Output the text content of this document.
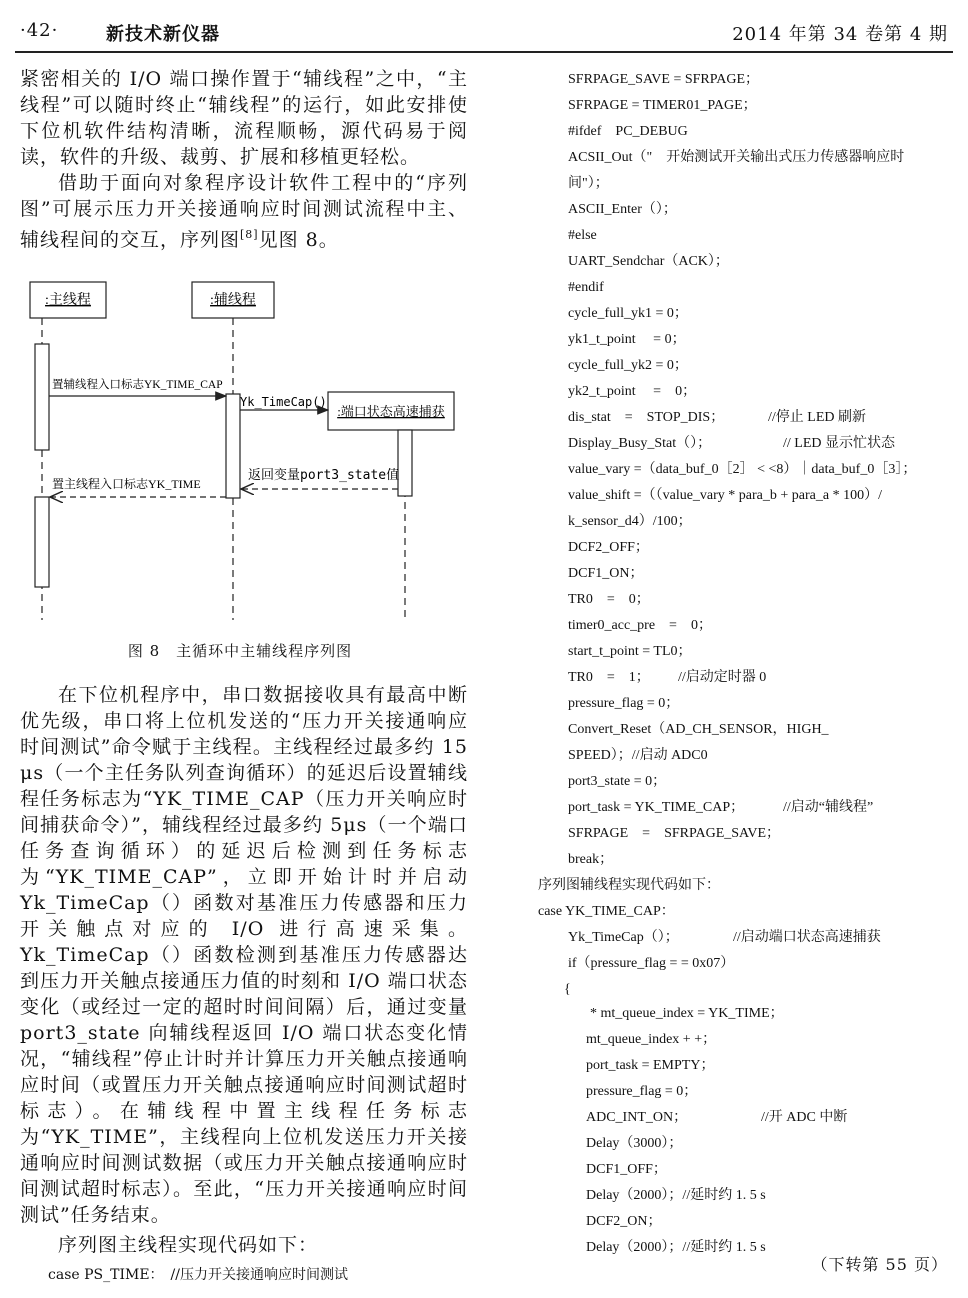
·42·	新技术新仪器	2014 年第 34 卷第 4 期

紧密相关的 I/O 端口操作置于“辅线程”之中，“主线程”可以随时终止“辅线程”的运行，如此安排使下位机软件结构清晰，流程顺畅，源代码易于阅读，软件的升级、裁剪、扩展和移植更轻松。

借助于面向对象程序设计软件工程中的“序列图”可展示压力开关接通响应时间测试流程中主、辅线程间的交互，序列图[8]见图 8。

:主线程	:辅线程
:端口状态高速捕获
置辅线程入口标志YK_TIME_CAP
Yk_TimeCap()
返回变量port3_state值
置主线程入口标志YK_TIME
图 8　主循环中主辅线程序列图

在下位机程序中，串口数据接收具有最高中断优先级，串口将上位机发送的“压力开关接通响应时间测试”命令赋于主线程。主线程经过最多约 15 μs（一个主任务队列查询循环）的延迟后设置辅线程任务标志为“YK_TIME_CAP（压力开关响应时间捕获命令）”，辅线程经过最多约 5μs（一个端口任务查询循环）的延迟后检测到任务标志为“YK_TIME_CAP”，立即开始计时并启动 Yk_TimeCap（）函数对基准压力传感器和压力开关触点对应的 I/O 进行高速采集。Yk_TimeCap（）函数检测到基准压力传感器达到压力开关触点接通压力值的时刻和 I/O 端口状态变化（或经过一定的超时时间间隔）后，通过变量 port3_state 向辅线程返回 I/O 端口状态变化情况，“辅线程”停止计时并计算压力开关触点接通响应时间（或置压力开关触点接通响应时间测试超时标志）。在辅线程中置主线程任务标志为“YK_TIME”，主线程向上位机发送压力开关接通响应时间测试数据（或压力开关触点接通响应时间测试超时标志）。至此，“压力开关接通响应时间测试”任务结束。

序列图主线程实现代码如下：

case PS_TIME：　//压力开关接通响应时间测试
SFRPAGE_SAVE = SFRPAGE；
SFRPAGE = TIMER01_PAGE；
#ifdef　PC_DEBUG
ACSII_Out（"　开始测试开关输出式压力传感器响应时
间"）；
ASCII_Enter（）；
#else
UART_Sendchar（ACK）；
#endif
cycle_full_yk1 = 0；
yk1_t_point　 = 0；
cycle_full_yk2 = 0；
yk2_t_point　 =　0；
dis_stat　=　STOP_DIS；	//停止 LED 刷新
Display_Busy_Stat（）；	// LED 显示忙状态
value_vary =（data_buf_0［2］ < <8）｜data_buf_0［3］；
value_shift =（（value_vary * para_b + para_a * 100）/
k_sensor_d4）/100；
DCF2_OFF；
DCF1_ON；
TR0　=　0；
timer0_acc_pre　=　0；
start_t_point = TL0；
TR0　=　1； //启动定时器 0
pressure_flag = 0；
Convert_Reset（AD_CH_SENSOR，HIGH_
SPEED）；//启动 ADC0
port3_state = 0；
port_task = YK_TIME_CAP；	//启动“辅线程”
SFRPAGE　=　SFRPAGE_SAVE；
break；
序列图辅线程实现代码如下：
case YK_TIME_CAP：
Yk_TimeCap（）；	//启动端口状态高速捕获
if（pressure_flag = = 0x07）
{
* mt_queue_index = YK_TIME；
mt_queue_index + +；
port_task = EMPTY；
pressure_flag = 0；
ADC_INT_ON；	//开 ADC 中断
Delay（3000）；
DCF1_OFF；
Delay（2000）；//延时约 1. 5 s
DCF2_ON；
Delay（2000）；//延时约 1. 5 s
（下转第 55 页）
